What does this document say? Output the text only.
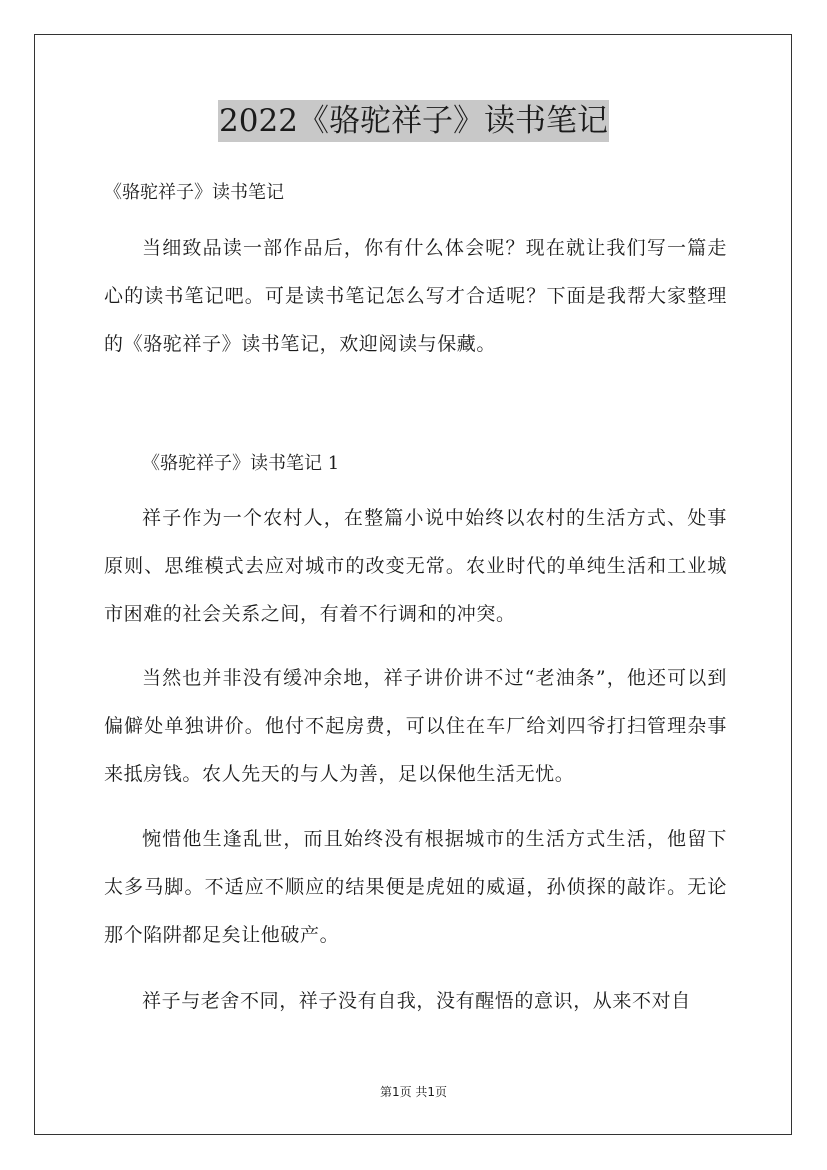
2022《骆驼祥子》读书笔记
《骆驼祥子》读书笔记

当细致品读一部作品后，你有什么体会呢？现在就让我们写一篇走心的读书笔记吧。可是读书笔记怎么写才合适呢？下面是我帮大家整理的《骆驼祥子》读书笔记，欢迎阅读与保藏。

《骆驼祥子》读书笔记 1

祥子作为一个农村人，在整篇小说中始终以农村的生活方式、处事原则、思维模式去应对城市的改变无常。农业时代的单纯生活和工业城市困难的社会关系之间，有着不行调和的冲突。

当然也并非没有缓冲余地，祥子讲价讲不过“老油条”，他还可以到偏僻处单独讲价。他付不起房费，可以住在车厂给刘四爷打扫管理杂事来抵房钱。农人先天的与人为善，足以保他生活无忧。

惋惜他生逢乱世，而且始终没有根据城市的生活方式生活，他留下太多马脚。不适应不顺应的结果便是虎妞的威逼，孙侦探的敲诈。无论那个陷阱都足矣让他破产。

祥子与老舍不同，祥子没有自我，没有醒悟的意识，从来不对自

第1页 共1页
